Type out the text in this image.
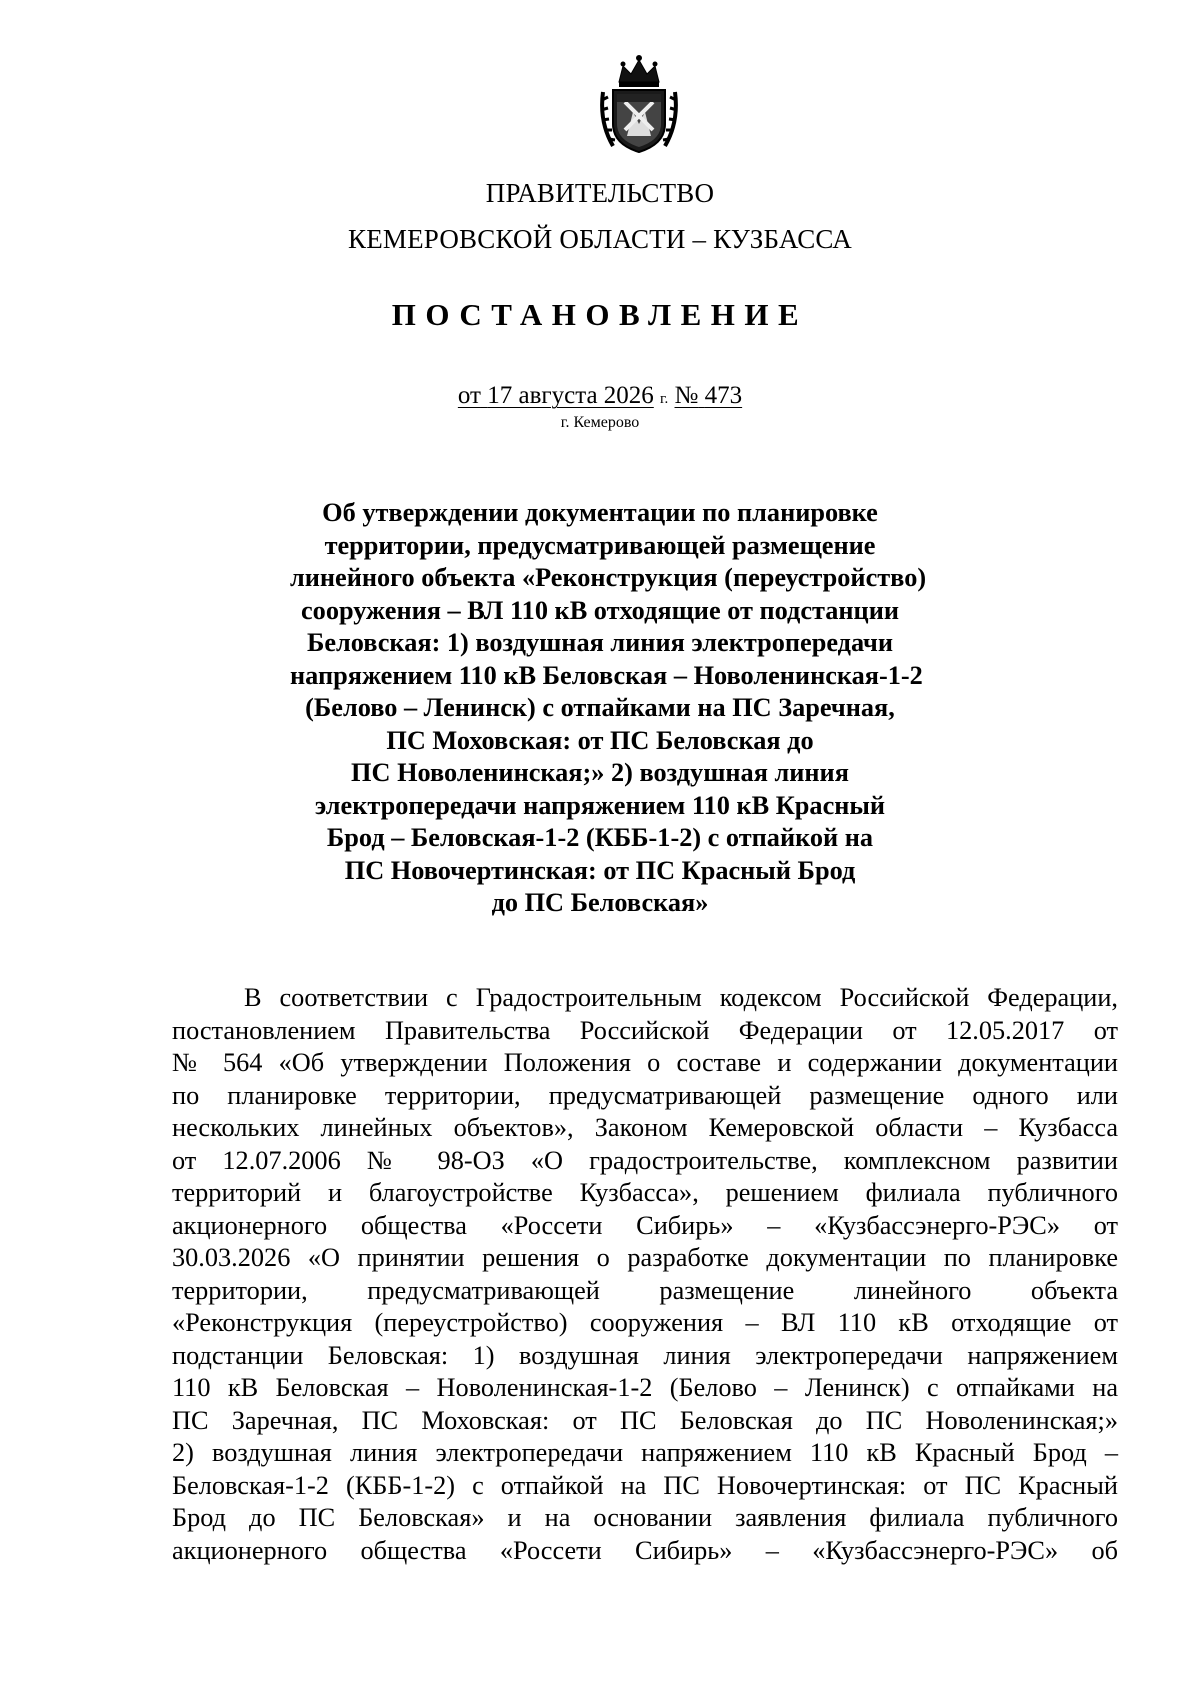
ПРАВИТЕЛЬСТВО
КЕМЕРОВСКОЙ ОБЛАСТИ – КУЗБАССА
ПОСТАНОВЛЕНИЕ
от 17 августа 2026 г. № 473
г. Кемерово
Об утверждении документации по планировке
территории, предусматривающей размещение
линейного объекта «Реконструкция (переустройство)
сооружения – ВЛ 110 кВ отходящие от подстанции
Беловская: 1) воздушная линия электропередачи
напряжением 110 кВ Беловская – Новоленинская-1-2
(Белово – Ленинск) с отпайками на ПС Заречная,
ПС Моховская: от ПС Беловская до
ПС Новоленинская;» 2) воздушная линия
электропередачи напряжением 110 кВ Красный
Брод – Беловская-1-2 (КББ-1-2) с отпайкой на
ПС Новочертинская: от ПС Красный Брод
до ПС Беловская»
В соответствии с Градостроительным кодексом Российской Федерации,
постановлением Правительства Российской Федерации от 12.05.2017 от
№ 564 «Об утверждении Положения о составе и содержании документации
по планировке территории, предусматривающей размещение одного или
нескольких линейных объектов», Законом Кемеровской области – Кузбасса
от 12.07.2006 № 98-ОЗ «О градостроительстве, комплексном развитии
территорий и благоустройстве Кузбасса», решением филиала публичного
акционерного общества «Россети Сибирь» – «Кузбассэнерго-РЭС» от
30.03.2026 «О принятии решения о разработке документации по планировке
территории, предусматривающей размещение линейного объекта
«Реконструкция (переустройство) сооружения – ВЛ 110 кВ отходящие от
подстанции Беловская: 1) воздушная линия электропередачи напряжением
110 кВ Беловская – Новоленинская-1-2 (Белово – Ленинск) с отпайками на
ПС Заречная, ПС Моховская: от ПС Беловская до ПС Новоленинская;»
2) воздушная линия электропередачи напряжением 110 кВ Красный Брод –
Беловская-1-2 (КББ-1-2) с отпайкой на ПС Новочертинская: от ПС Красный
Брод до ПС Беловская» и на основании заявления филиала публичного
акционерного общества «Россети Сибирь» – «Кузбассэнерго-РЭС» об
